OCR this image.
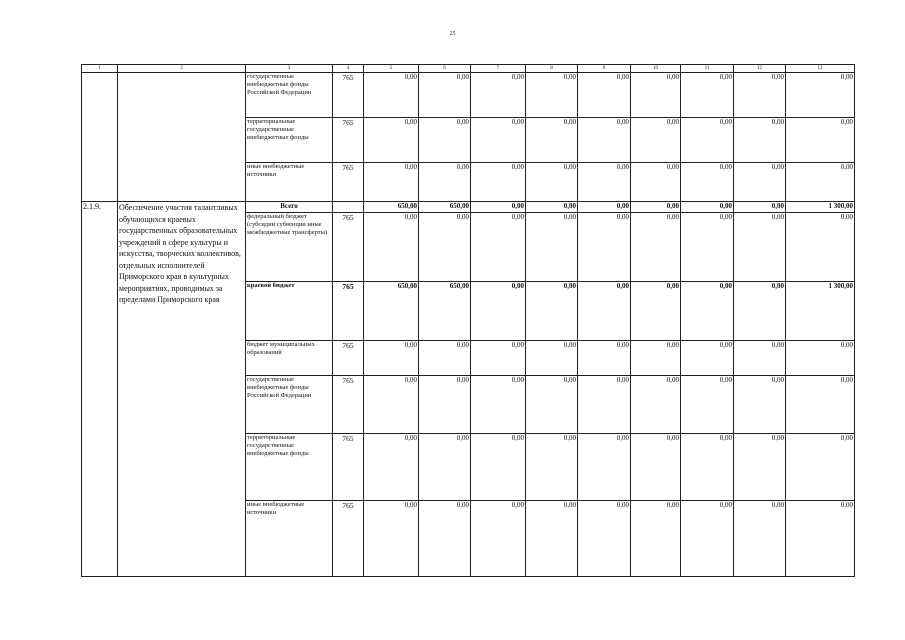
25
1	2	3	4	5	6	7	8	9	10	11	12	13
		государственные внебюджетные фонды Российской Федерации	765	0,00	0,00	0,00	0,00	0,00	0,00	0,00	0,00	0,00
		территориальные государственные внебюджетные фонды	765	0,00	0,00	0,00	0,00	0,00	0,00	0,00	0,00	0,00
		иные внебюджетные источники	765	0,00	0,00	0,00	0,00	0,00	0,00	0,00	0,00	0,00
2.1.9.	Обеспечение участия талантливых обучающихся краевых государственных образовательных учреждений в сфере культуры и искусства, творческих коллективов, отдельных исполнителей Приморского края в культурных мероприятиях, проводимых за пределами Приморского края	Всего		650,00	650,00	0,00	0,00	0,00	0,00	0,00	0,00	1 300,00
		федеральный бюджет (субсидии субвенции иные межбюджетные трансферты)	765	0,00	0,00	0,00	0,00	0,00	0,00	0,00	0,00	0,00
		краевой бюджет	765	650,00	650,00	0,00	0,00	0,00	0,00	0,00	0,00	1 300,00
		бюджет муниципальных образований	765	0,00	0,00	0,00	0,00	0,00	0,00	0,00	0,00	0,00
		государственные внебюджетные фонды Российской Федерации	765	0,00	0,00	0,00	0,00	0,00	0,00	0,00	0,00	0,00
		территориальные государственные внебюджетные фонды	765	0,00	0,00	0,00	0,00	0,00	0,00	0,00	0,00	0,00
		иные внебюджетные источники	765	0,00	0,00	0,00	0,00	0,00	0,00	0,00	0,00	0,00
